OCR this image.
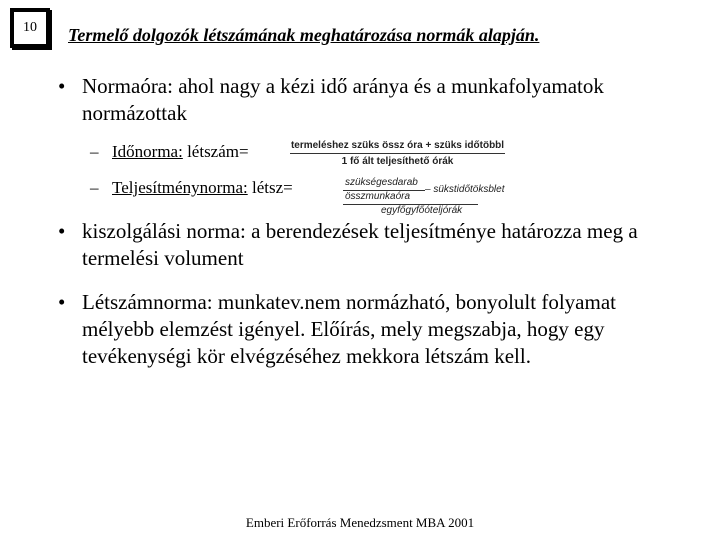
10 Termelő dolgozók létszámának meghatározása normák alapján.
• Normaóra: ahol nagy a kézi idő aránya és a munkafolyamatok normázottak
– Időnorma: létszám=	termeléshez szüks össz óra + szüks időtöbbl
1 fő ált teljesíthető órák
– Teljesítménynorma: létsz=	szükségesdarab
összmunkaóra
– sükstidőtöksblet
egyfőgyfőóteljórák
• kiszolgálási norma: a berendezések teljesítménye határozza meg a termelési volument
• Létszámnorma: munkatev.nem normázható, bonyolult folyamat mélyebb elemzést igényel. Előírás, mely megszabja, hogy egy tevékenységi kör elvégzéséhez mekkora létszám kell.
Emberi Erőforrás Menedzsment MBA 2001
